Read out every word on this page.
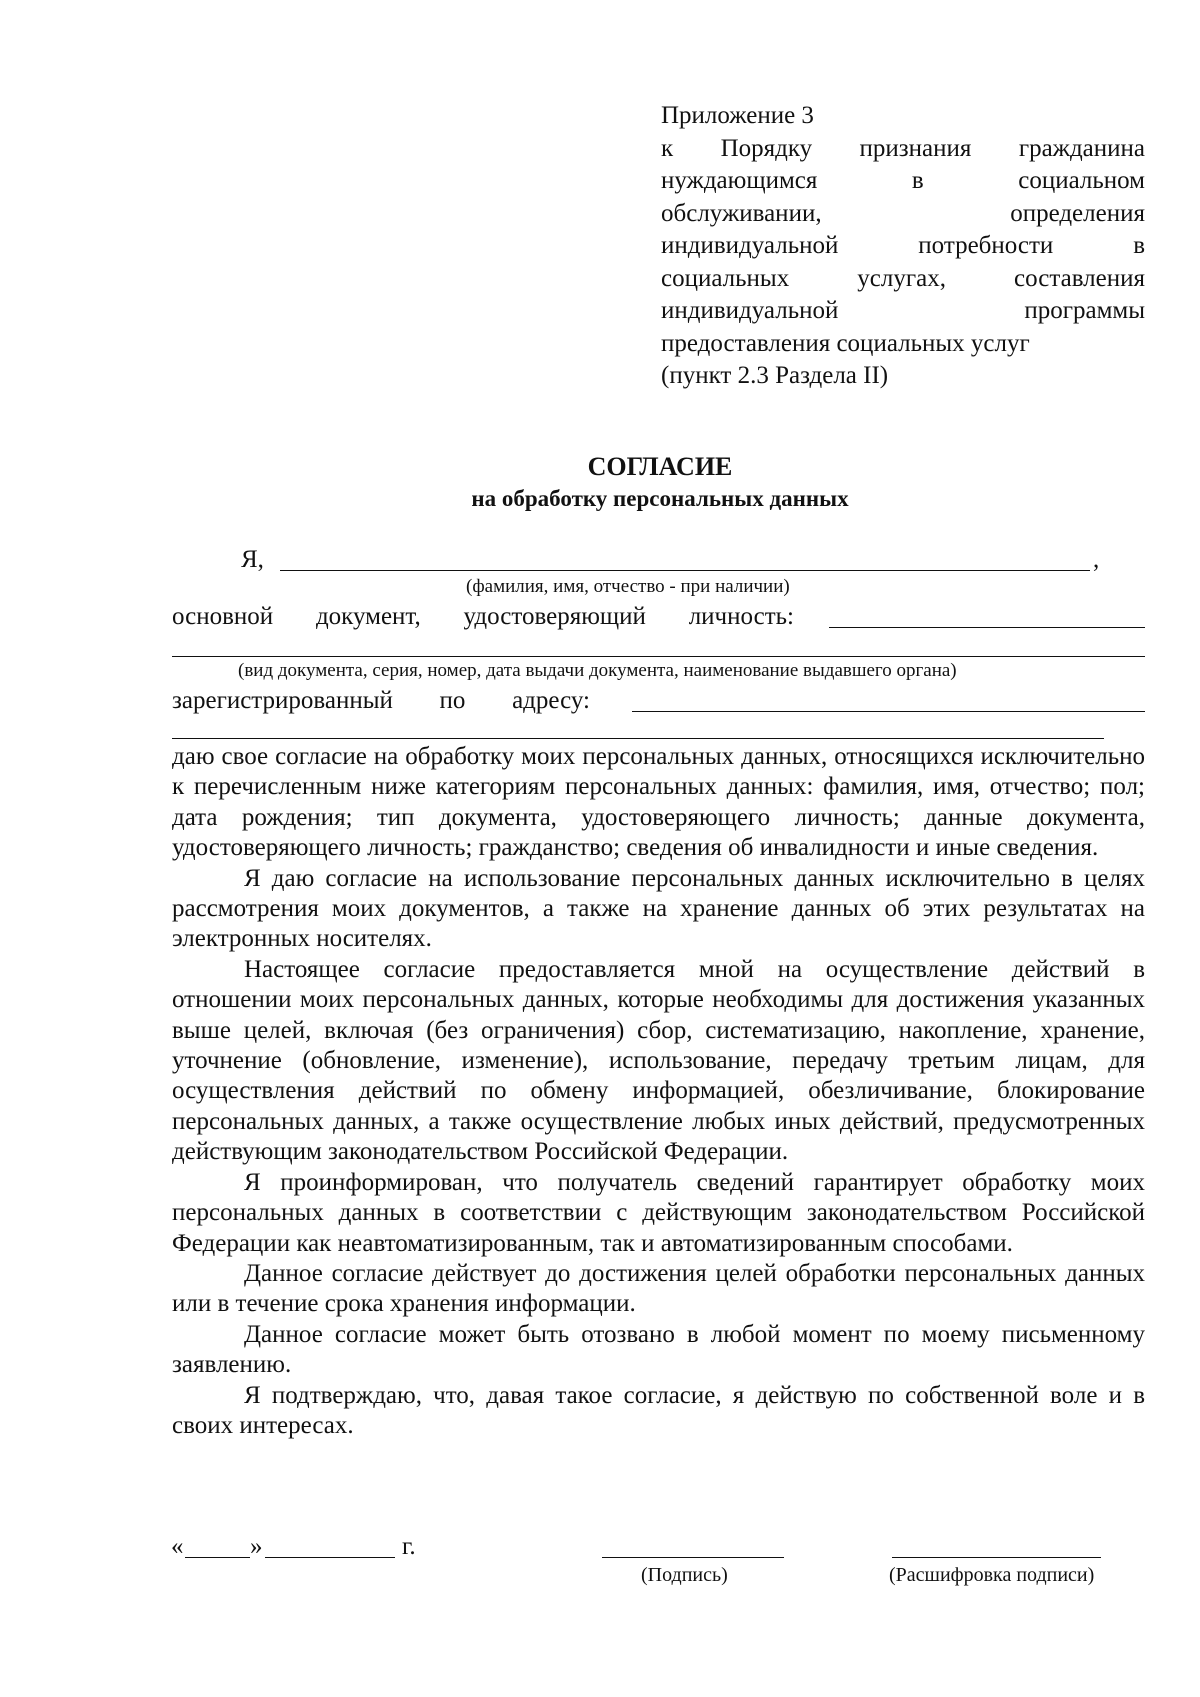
Приложение 3
к Порядку признания гражданина
нуждающимся в социальном
обслуживании, определения
индивидуальной потребности в
социальных услугах, составления
индивидуальной программы
предоставления социальных услуг
(пункт 2.3 Раздела II)
СОГЛАСИЕ
на обработку персональных данных
Я,	,
(фамилия, имя, отчество - при наличии)
основной документ, удостоверяющий личность:
(вид документа, серия, номер, дата выдачи документа, наименование выдавшего органа)
зарегистрированный по адресу:

даю свое согласие на обработку моих персональных данных, относящихся исключительно к перечисленным ниже категориям персональных данных: фамилия, имя, отчество; пол; дата рождения; тип документа, удостоверяющего личность; данные документа, удостоверяющего личность; гражданство; сведения об инвалидности и иные сведения.

Я даю согласие на использование персональных данных исключительно в целях рассмотрения моих документов, а также на хранение данных об этих результатах на электронных носителях.

Настоящее согласие предоставляется мной на осуществление действий в отношении моих персональных данных, которые необходимы для достижения указанных выше целей, включая (без ограничения) сбор, систематизацию, накопление, хранение, уточнение (обновление, изменение), использование, передачу третьим лицам, для осуществления действий по обмену информацией, обезличивание, блокирование персональных данных, а также осуществление любых иных действий, предусмотренных действующим законодательством Российской Федерации.

Я проинформирован, что получатель сведений гарантирует обработку моих персональных данных в соответствии с действующим законодательством Российской Федерации как неавтоматизированным, так и автоматизированным способами.

Данное согласие действует до достижения целей обработки персональных данных или в течение срока хранения информации.

Данное согласие может быть отозвано в любой момент по моему письменному заявлению.

Я подтверждаю, что, давая такое согласие, я действую по собственной воле и в своих интересах.

«	»	г.
(Подпись)	(Расшифровка подписи)
